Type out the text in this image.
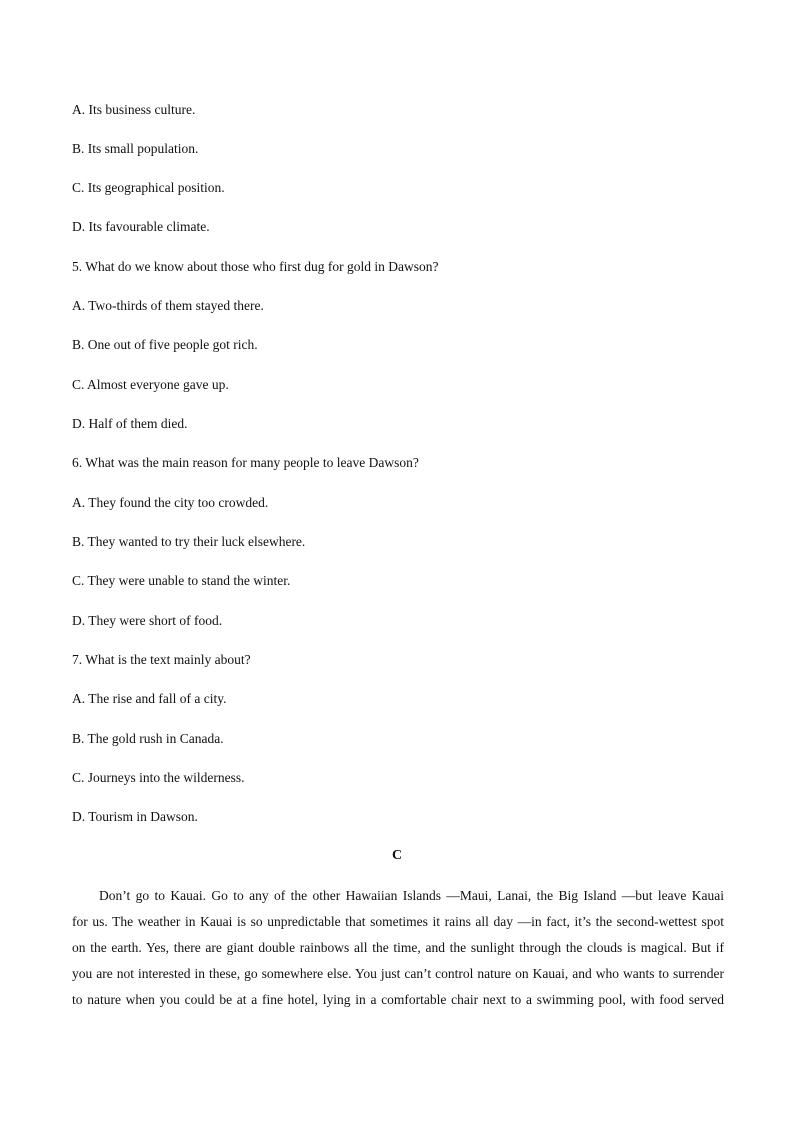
A. Its business culture.
B. Its small population.
C. Its geographical position.
D. Its favourable climate.
5. What do we know about those who first dug for gold in Dawson?
A. Two-thirds of them stayed there.
B. One out of five people got rich.
C. Almost everyone gave up.
D. Half of them died.
6. What was the main reason for many people to leave Dawson?
A. They found the city too crowded.
B. They wanted to try their luck elsewhere.
C. They were unable to stand the winter.
D. They were short of food.
7. What is the text mainly about?
A. The rise and fall of a city.
B. The gold rush in Canada.
C. Journeys into the wilderness.
D. Tourism in Dawson.
C
Don’t go to Kauai. Go to any of the other Hawaiian Islands —Maui, Lanai, the Big Island —but leave Kauai
for us. The weather in Kauai is so unpredictable that sometimes it rains all day —in fact, it’s the second-wettest spot
on the earth. Yes, there are giant double rainbows all the time, and the sunlight through the clouds is magical. But if
you are not interested in these, go somewhere else. You just can’t control nature on Kauai, and who wants to surrender
to nature when you could be at a fine hotel, lying in a comfortable chair next to a swimming pool, with food served
